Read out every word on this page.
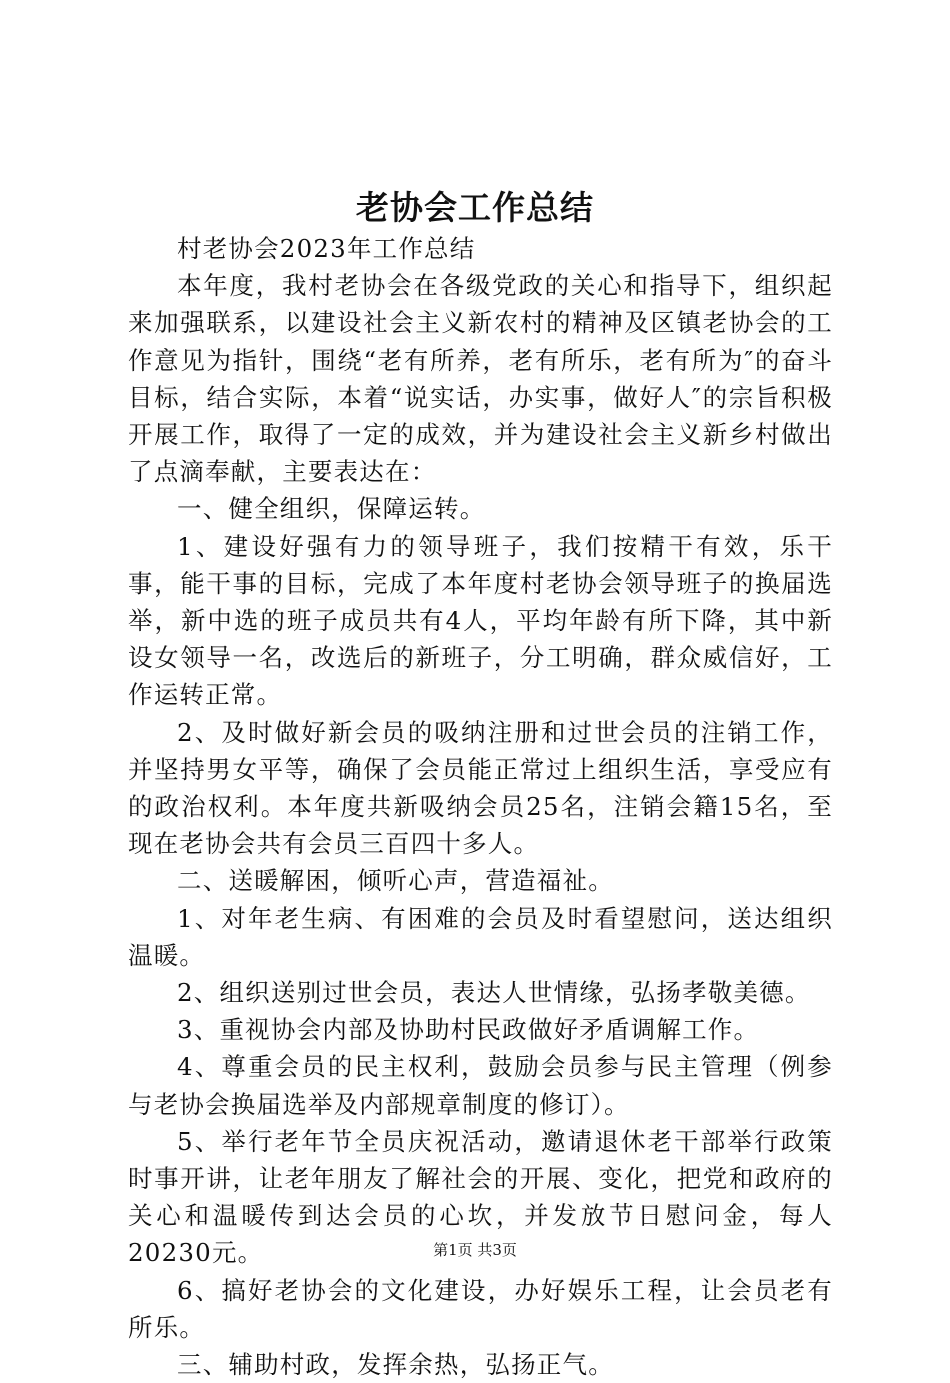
老协会工作总结

村老协会2023年工作总结

本年度，我村老协会在各级党政的关心和指导下，组织起来加强联系，以建设社会主义新农村的精神及区镇老协会的工作意见为指针，围绕“老有所养，老有所乐，老有所为″的奋斗目标，结合实际，本着“说实话，办实事，做好人″的宗旨积极开展工作，取得了一定的成效，并为建设社会主义新乡村做出了点滴奉献，主要表达在：

一、健全组织，保障运转。

1、建设好强有力的领导班子，我们按精干有效，乐干事，能干事的目标，完成了本年度村老协会领导班子的换届选举，新中选的班子成员共有4人，平均年龄有所下降，其中新设女领导一名，改选后的新班子，分工明确，群众威信好，工作运转正常。

2、及时做好新会员的吸纳注册和过世会员的注销工作，并坚持男女平等，确保了会员能正常过上组织生活，享受应有的政治权利。本年度共新吸纳会员25名，注销会籍15名，至现在老协会共有会员三百四十多人。

二、送暖解困，倾听心声，营造福祉。

1、对年老生病、有困难的会员及时看望慰问，送达组织温暖。

2、组织送别过世会员，表达人世情缘，弘扬孝敬美德。

3、重视协会内部及协助村民政做好矛盾调解工作。

4、尊重会员的民主权利，鼓励会员参与民主管理（例参与老协会换届选举及内部规章制度的修订）。

5、举行老年节全员庆祝活动，邀请退休老干部举行政策时事开讲，让老年朋友了解社会的开展、变化，把党和政府的关心和温暖传到达会员的心坎，并发放节日慰问金，每人20230元。

6、搞好老协会的文化建设，办好娱乐工程，让会员老有所乐。

三、辅助村政，发挥余热，弘扬正气。

第1页 共3页
